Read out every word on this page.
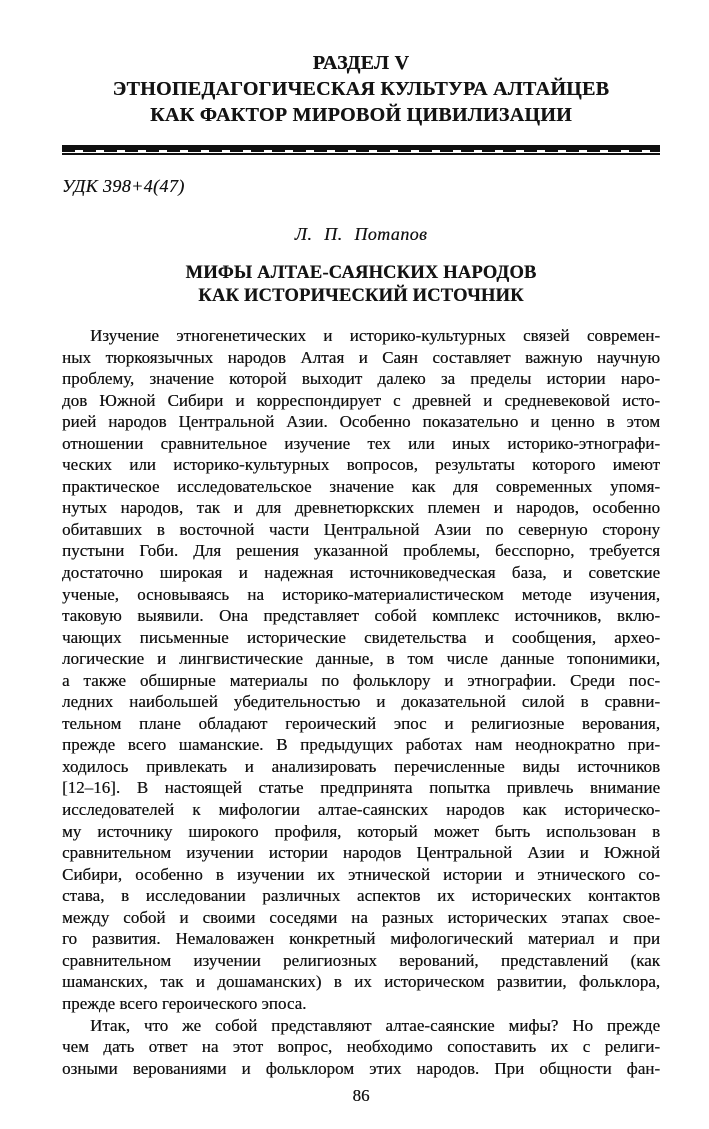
РАЗДЕЛ V
ЭТНОПЕДАГОГИЧЕСКАЯ КУЛЬТУРА АЛТАЙЦЕВ
КАК ФАКТОР МИРОВОЙ ЦИВИЛИЗАЦИИ
УДК 398+4(47)
Л. П. Потапов
МИФЫ АЛТАЕ-САЯНСКИХ НАРОДОВ
КАК ИСТОРИЧЕСКИЙ ИСТОЧНИК
Изучение этногенетических и историко-культурных связей современ-
ных тюркоязычных народов Алтая и Саян составляет важную научную
проблему, значение которой выходит далеко за пределы истории наро-
дов Южной Сибири и корреспондирует с древней и средневековой исто-
рией народов Центральной Азии. Особенно показательно и ценно в этом
отношении сравнительное изучение тех или иных историко-этнографи-
ческих или историко-культурных вопросов, результаты которого имеют
практическое исследовательское значение как для современных упомя-
нутых народов, так и для древнетюркских племен и народов, особенно
обитавших в восточной части Центральной Азии по северную сторону
пустыни Гоби. Для решения указанной проблемы, бесспорно, требуется
достаточно широкая и надежная источниковедческая база, и советские
ученые, основываясь на историко-материалистическом методе изучения,
таковую выявили. Она представляет собой комплекс источников, вклю-
чающих письменные исторические свидетельства и сообщения, архео-
логические и лингвистические данные, в том числе данные топонимики,
а также обширные материалы по фольклору и этнографии. Среди пос-
ледних наибольшей убедительностью и доказательной силой в сравни-
тельном плане обладают героический эпос и религиозные верования,
прежде всего шаманские. В предыдущих работах нам неоднократно при-
ходилось привлекать и анализировать перечисленные виды источников
[12–16]. В настоящей статье предпринята попытка привлечь внимание
исследователей к мифологии алтае-саянских народов как историческо-
му источнику широкого профиля, который может быть использован в
сравнительном изучении истории народов Центральной Азии и Южной
Сибири, особенно в изучении их этнической истории и этнического со-
става, в исследовании различных аспектов их исторических контактов
между собой и своими соседями на разных исторических этапах свое-
го развития. Немаловажен конкретный мифологический материал и при
сравнительном изучении религиозных верований, представлений (как
шаманских, так и дошаманских) в их историческом развитии, фольклора,
прежде всего героического эпоса.
Итак, что же собой представляют алтае-саянские мифы? Но прежде
чем дать ответ на этот вопрос, необходимо сопоставить их с религи-
озными верованиями и фольклором этих народов. При общности фан-
86
